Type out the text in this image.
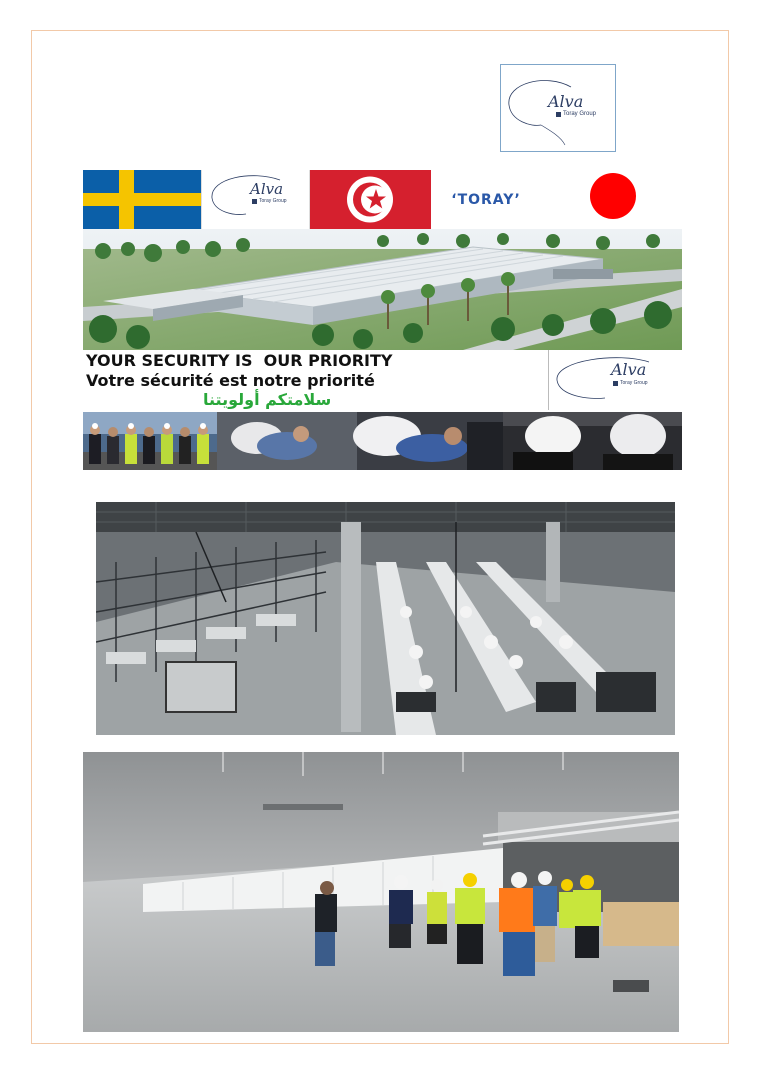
Alva
Toray Group
Alva
Toray Group	‘TORAY’
YOUR SECURITY IS  OUR PRIORITY
Votre sécurité est notre priorité
سلامتكم أولويتنا
Alva
Toray Group
